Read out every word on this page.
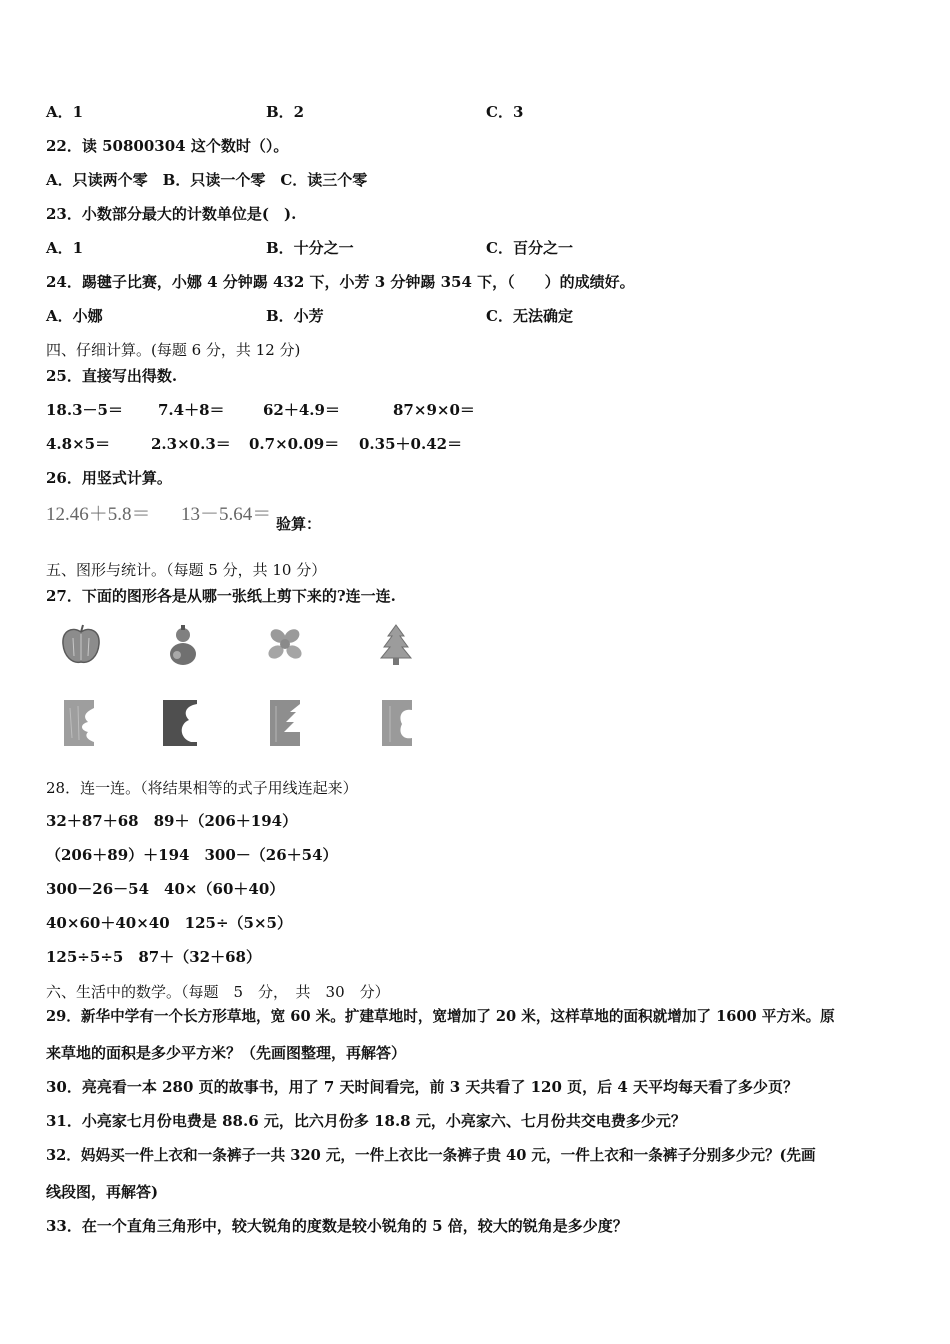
A．1	B．2	C．3
22．读 50800304 这个数时（）。
A．只读两个零　B．只读一个零　C．读三个零
23．小数部分最大的计数单位是(　).
A．1	B．十分之一	C．百分之一
24．踢毽子比赛，小娜 4 分钟踢 432 下，小芳 3 分钟踢 354 下，（　　）的成绩好。
A．小娜	B．小芳	C．无法确定
四、仔细计算。(每题 6 分，共 12 分)
25．直接写出得数.
18.3－5＝ 7.4＋8＝	62＋4.9＝	87×9×0＝
4.8×5＝	2.3×0.3＝ 0.7×0.09＝ 0.35＋0.42＝
26．用竖式计算。
12.46＋5.8＝ 13－5.64＝ 验算：
五、图形与统计。（每题 5 分，共 10 分）
27．下面的图形各是从哪一张纸上剪下来的?连一连.
28．连一连。（将结果相等的式子用线连起来）
32＋87＋68　89＋（206＋194）
（206＋89）＋194　300－（26＋54）
300－26－54　40×（60＋40）
40×60＋40×40　125÷（5×5）
125÷5÷5　87＋（32＋68）
六、生活中的数学。（每题　5　分，　共　30　分）
29．新华中学有一个长方形草地，宽 60 米。扩建草地时，宽增加了 20 米，这样草地的面积就增加了 1600 平方米。原
来草地的面积是多少平方米？（先画图整理，再解答）
30．亮亮看一本 280 页的故事书，用了 7 天时间看完，前 3 天共看了 120 页，后 4 天平均每天看了多少页？
31．小亮家七月份电费是 88.6 元，比六月份多 18.8 元，小亮家六、七月份共交电费多少元？
32．妈妈买一件上衣和一条裤子一共 320 元，一件上衣比一条裤子贵 40 元，一件上衣和一条裤子分别多少元？(先画
线段图，再解答)
33．在一个直角三角形中，较大锐角的度数是较小锐角的 5 倍，较大的锐角是多少度？
